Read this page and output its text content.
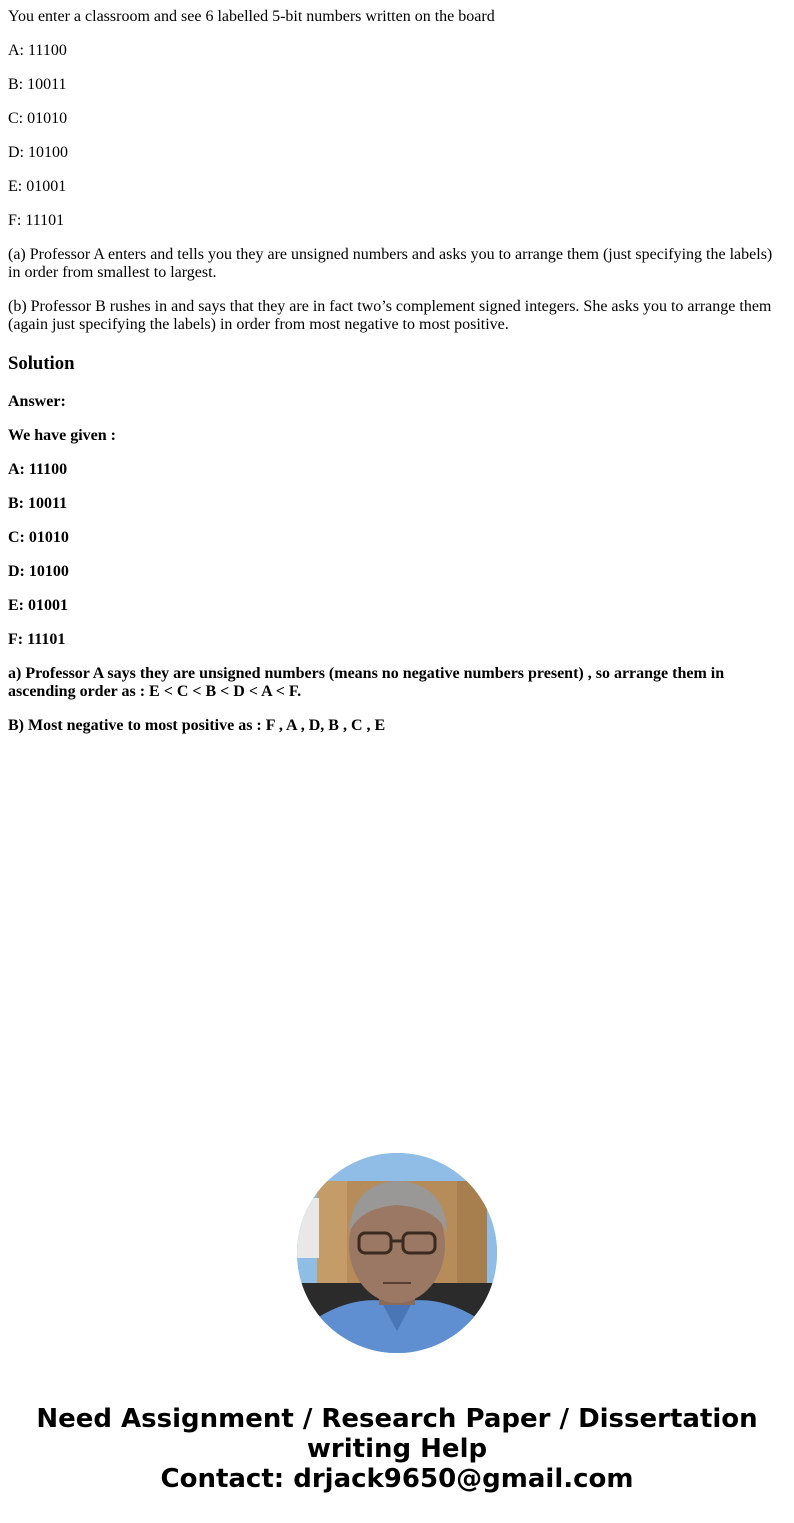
You enter a classroom and see 6 labelled 5-bit numbers written on the board

A: 11100

B: 10011

C: 01010

D: 10100

E: 01001

F: 11101

(a) Professor A enters and tells you they are unsigned numbers and asks you to arrange them (just specifying the labels) in order from smallest to largest.

(b) Professor B rushes in and says that they are in fact two’s complement signed integers. She asks you to arrange them (again just specifying the labels) in order from most negative to most positive.

Solution

Answer:

We have given :

A: 11100

B: 10011

C: 01010

D: 10100

E: 01001

F: 11101

a) Professor A says they are unsigned numbers (means no negative numbers present) , so arrange them in ascending order as : E < C < B < D < A < F.

B) Most negative to most positive as : F , A , D, B , C , E

Need Assignment / Research Paper / Dissertation writing Help
Contact: drjack9650@gmail.com
